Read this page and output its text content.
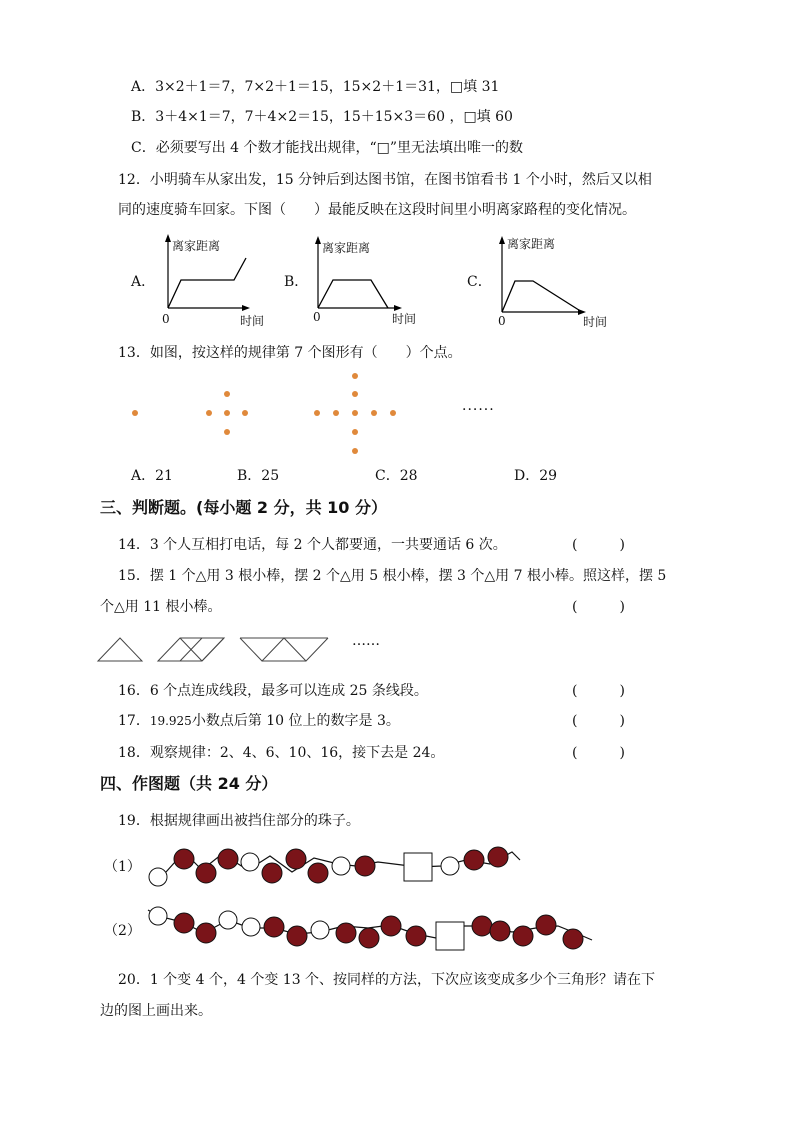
A．3×2＋1＝7，7×2＋1＝15，15×2＋1＝31，□填 31
B．3＋4×1＝7，7＋4×2＝15，15＋15×3＝60 ，□填 60
C．必须要写出 4 个数才能找出规律，“□”里无法填出唯一的数
12．小明骑车从家出发，15 分钟后到达图书馆，在图书馆看书 1 个小时，然后又以相
同的速度骑车回家。下图（　　）最能反映在这段时间里小明离家路程的变化情况。
A．
离家距离
时间
0
B．
离家距离
时间
0
C．
离家距离
时间
0
13．如图，按这样的规律第 7 个图形有（　　）个点。
······
A．21	B．25	C．28	D．29
三、判断题。(每小题 2 分，共 10 分）
14．3 个人互相打电话，每 2 个人都要通，一共要通话 6 次。	(　　　)
15．摆 1 个△用 3 根小棒，摆 2 个△用 5 根小棒，摆 3 个△用 7 根小棒。照这样，摆 5
个△用 11 根小棒。	(　　　)
……
16．6 个点连成线段，最多可以连成 25 条线段。	(　　　)
17．19.925小数点后第 10 位上的数字是 3。	(　　　)
18．观察规律：2、4、6、10、16，接下去是 24。	(　　　)
四、作图题（共 24 分）
19．根据规律画出被挡住部分的珠子。
（1）
（2）
20．1 个变 4 个，4 个变 13 个、按同样的方法，下次应该变成多少个三角形？请在下
边的图上画出来。
